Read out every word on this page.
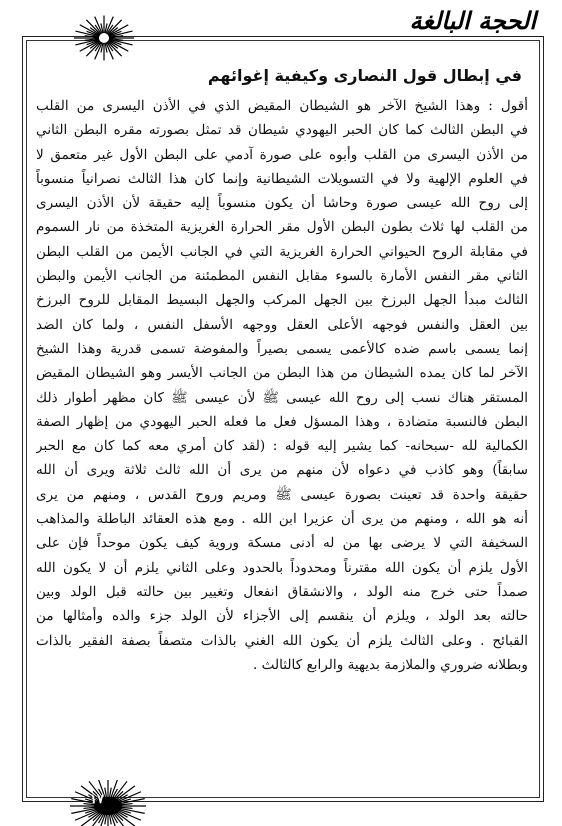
الحجة البالغة
في إبطال قول النصارى وكيفية إغوائهم
أقول : وهذا الشيخ الآخر هو الشيطان المقيض الذي في الأذن اليسرى من القلب
في البطن الثالث كما كان الحبر اليهودي شيطان قد تمثل بصورته مقره البطن الثاني
من الأذن اليسرى من القلب وأبوه على صورة آدمي على البطن الأول غير متعمق لا
في العلوم الإلهية ولا في التسويلات الشيطانية وإنما كان هذا الثالث نصرانياً منسوباً
إلى روح الله عيسى صورة وحاشا أن يكون منسوباً إليه حقيقة لأن الأذن اليسرى
من القلب لها ثلاث بطون البطن الأول مقر الحرارة الغريزية المتخذة من نار السموم
في مقابلة الروح الحيواني الحرارة الغريزية التي في الجانب الأيمن من القلب البطن
الثاني مقر النفس الأمارة بالسوء مقابل النفس المطمئنة من الجانب الأيمن والبطن
الثالث مبدأ الجهل البرزخ بين الجهل المركب والجهل البسيط المقابل للروح البرزخ
بين العقل والنفس فوجهه الأعلى العقل ووجهه الأسفل النفس ، ولما كان الضد
إنما يسمى باسم ضده كالأعمى يسمى بصيراً والمفوضة تسمى قدرية وهذا الشيخ
الآخر لما كان يمده الشيطان من هذا البطن من الجانب الأيسر وهو الشيطان المقيض
المستقر هناك نسب إلى روح الله عيسى ﷺ لأن عيسى ﷺ كان مظهر أطوار ذلك
البطن فالنسبة متضادة ، وهذا المسؤل فعل ما فعله الحبر اليهودي من إظهار الصفة
الكمالية لله -سبحانه- كما يشير إليه قوله : (لقد كان أمري معه كما كان مع الحبر
سابقاً) وهو كاذب في دعواه لأن منهم من يرى أن الله ثالث ثلاثة ويرى أن الله
حقيقة واحدة قد تعينت بصورة عيسى ﷺ ومريم وروح القدس ، ومنهم من يرى
أنه هو الله ، ومنهم من يرى أن عزيرا ابن الله . ومع هذه العقائد الباطلة والمذاهب
السخيفة التي لا يرضى بها من له أدنى مسكة وروية كيف يكون موحداً فإن على
الأول يلزم أن يكون الله مقترناً ومحدوداً بالحدود وعلى الثاني يلزم أن لا يكون الله
صمداً حتى خرج منه الولد ، والانشقاق انفعال وتغيير بين حالته قبل الولد وبين
حالته بعد الولد ، ويلزم أن ينقسم إلى الأجزاء لأن الولد جزء والده وأمثالها من
القبائح . وعلى الثالث يلزم أن يكون الله الغني بالذات متصفاً بصفة الفقير بالذات
وبطلانه ضروري والملازمة بديهية والرابع كالثالث .
١٧
